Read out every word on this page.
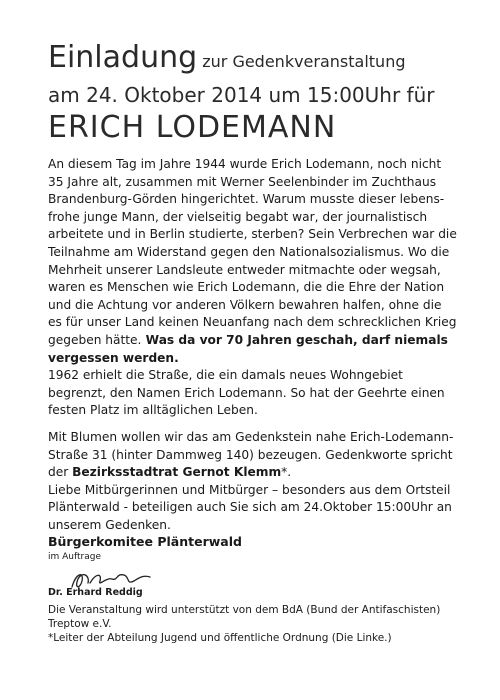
Einladung zur Gedenkveranstaltung
am 24. Oktober 2014 um 15:00Uhr für
ERICH LODEMANN

An diesem Tag im Jahre 1944 wurde Erich Lodemann, noch nicht 35 Jahre alt, zusammen mit Werner Seelenbinder im Zuchthaus Brandenburg-Görden hingerichtet. Warum musste dieser lebens-frohe junge Mann, der vielseitig begabt war, der journalistisch arbeitete und in Berlin studierte, sterben? Sein Verbrechen war die Teilnahme am Widerstand gegen den Nationalsozialismus. Wo die Mehrheit unserer Landsleute entweder mitmachte oder wegsah, waren es Menschen wie Erich Lodemann, die die Ehre der Nation und die Achtung vor anderen Völkern bewahren halfen, ohne die es für unser Land keinen Neuanfang nach dem schrecklichen Krieg gegeben hätte. Was da vor 70 Jahren geschah, darf niemals vergessen werden.

1962 erhielt die Straße, die ein damals neues Wohngebiet begrenzt, den Namen Erich Lodemann. So hat der Geehrte einen festen Platz im alltäglichen Leben.

Mit Blumen wollen wir das am Gedenkstein nahe Erich-Lodemann-Straße 31 (hinter Dammweg 140) bezeugen. Gedenkworte spricht der Bezirksstadtrat Gernot Klemm*.

Liebe Mitbürgerinnen und Mitbürger – besonders aus dem Ortsteil Plänterwald - beteiligen auch Sie sich am 24.Oktober 15:00Uhr an unserem Gedenken.

Bürgerkomitee Plänterwald
im Auftrage
Dr. Erhard Reddig
Die Veranstaltung wird unterstützt von dem BdA (Bund der Antifaschisten) Treptow e.V.
*Leiter der Abteilung Jugend und öffentliche Ordnung (Die Linke.)
